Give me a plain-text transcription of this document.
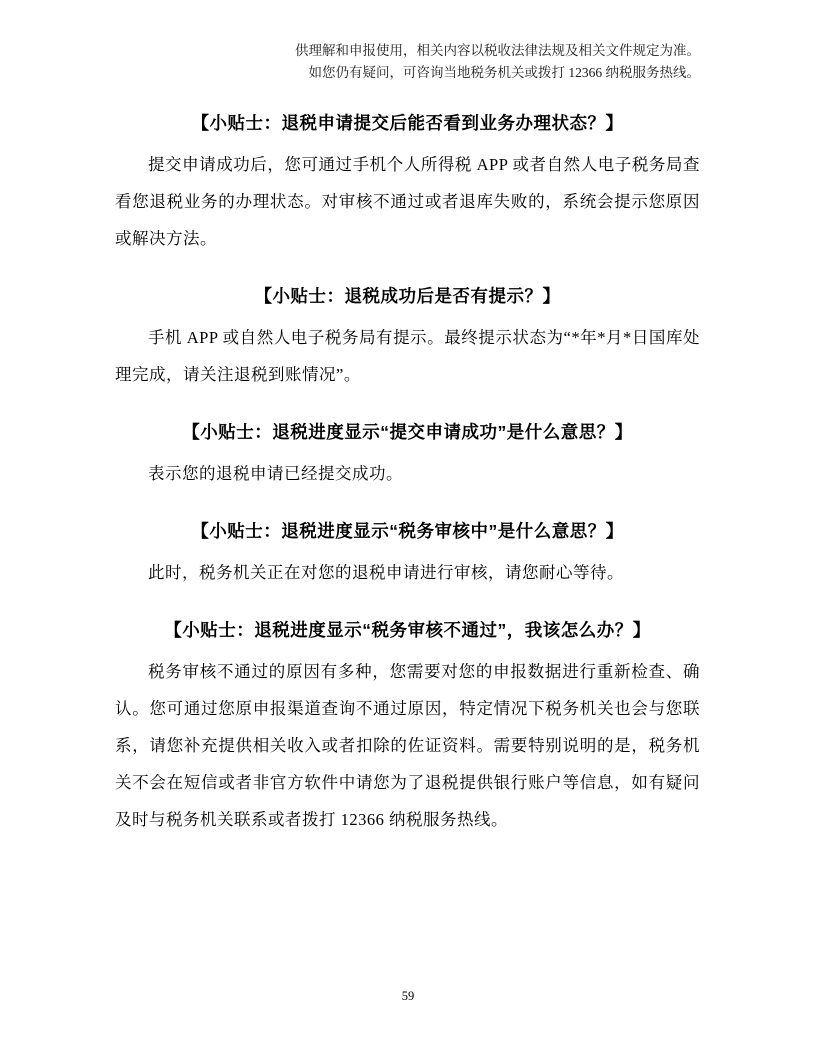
供理解和申报使用，相关内容以税收法律法规及相关文件规定为准。
如您仍有疑问，可咨询当地税务机关或拨打 12366 纳税服务热线。
【小贴士：退税申请提交后能否看到业务办理状态？】

提交申请成功后，您可通过手机个人所得税 APP 或者自然人电子税务局查看您退税业务的办理状态。对审核不通过或者退库失败的，系统会提示您原因或解决方法。

【小贴士：退税成功后是否有提示？】

手机 APP 或自然人电子税务局有提示。最终提示状态为“*年*月*日国库处理完成，请关注退税到账情况”。

【小贴士：退税进度显示“提交申请成功”是什么意思？】

表示您的退税申请已经提交成功。

【小贴士：退税进度显示“税务审核中”是什么意思？】

此时，税务机关正在对您的退税申请进行审核，请您耐心等待。

【小贴士：退税进度显示“税务审核不通过”，我该怎么办？】

税务审核不通过的原因有多种，您需要对您的申报数据进行重新检查、确认。您可通过您原申报渠道查询不通过原因，特定情况下税务机关也会与您联系，请您补充提供相关收入或者扣除的佐证资料。需要特别说明的是，税务机关不会在短信或者非官方软件中请您为了退税提供银行账户等信息，如有疑问及时与税务机关联系或者拨打 12366 纳税服务热线。

59
